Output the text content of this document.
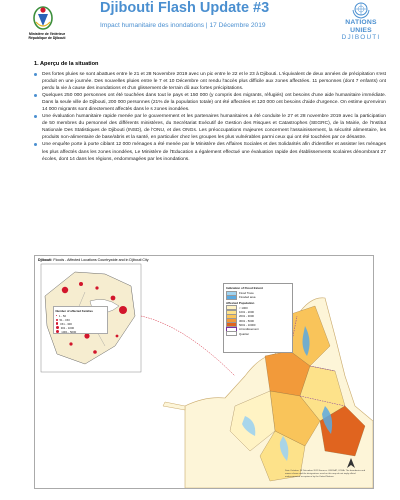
Ministère de l'Intérieur
République de Djibouti
Djibouti Flash Update #3
Impact humanitaire des inondations | 17 Décembre 2019	NATIONS
UNIES
DJIBOUTI
1. Aperçu de la situation
Des fortes pluies se sont abattues entre le 21 et 28 Novembre 2019 avec un pic entre le 22 et le 23 à Djibouti. L'équivalent de deux années de précipitation s'est produit en une journée. Des nouvelles pluies entre le 7 et 10 Décembre ont rendu l'accès plus difficile aux zones affectées. 11 personnes (dont 7 enfants) ont perdu la vie à cause des inondations et d'un glissement de terrain dû aux fortes précipitations.
Quelques 250 000 personnes ont été touchées dans tout le pays et 150 000 (y compris des migrants, réfugiés) ont besoins d'une aide humanitaire immédiate. Dans la seule ville de Djibouti, 200 000 personnes (21% de la population totale) ont été affectées et 120 000 ont besoins d'aide d'urgence. On estime qu'environ 14 000 migrants sont directement affectés dans le s zones inondées.
Une évaluation humanitaire rapide menée par le gouvernement et les partenaires humanitaires a été conduite le 27 et 28 novembre 2019 avec la participation de 50 membres du personnel des différents ministères, du Secrétariat Exécutif de Gestion des Risques et Catastrophes (SEGRC), de la Mairie, de l'Institut Nationale Des Statistiques de Djibouti (INSD), de l'ONU, et des ONGs. Les préoccupations majeures concernent l'assainissement, la sécurité alimentaire, les produits non-alimentaire de base/abris et la santé, en particulier chez les groupes les plus vulnérables parmi ceux qui ont été touchées par ce désastre.
Une enquête porte à porte ciblant 12 000 ménages a été menée par le Ministère des Affaires Sociales et des Solidarités afin d'identifier et assister les ménages les plus affectés dans les zones inondées, Le Ministère de l'Education a également effectué une évaluation rapide des établissements scolaires dénombrant 27 écoles, dont 14 dans les régions, endommagées par les inondations.
Djibouti: Floods - Affected Locations Countrywide and in Djibouti City
Number of affected Families
1 - 50
51 - 150
151 - 300
301 - 1000
1001 - 5000
Indication of Flood Extent
Flood Trace
Flooded area
Affected Population
< 1000
1001 - 2000
2001 - 3000
3001 - 5000
5001 - 10000
Arrondissement
Quartier
Date Création: 10 Décembre 2019 Sources: UNOSAT, OCHA. The boundaries and names shown and the designations used on this map do not imply official endorsement or acceptance by the United Nations.
